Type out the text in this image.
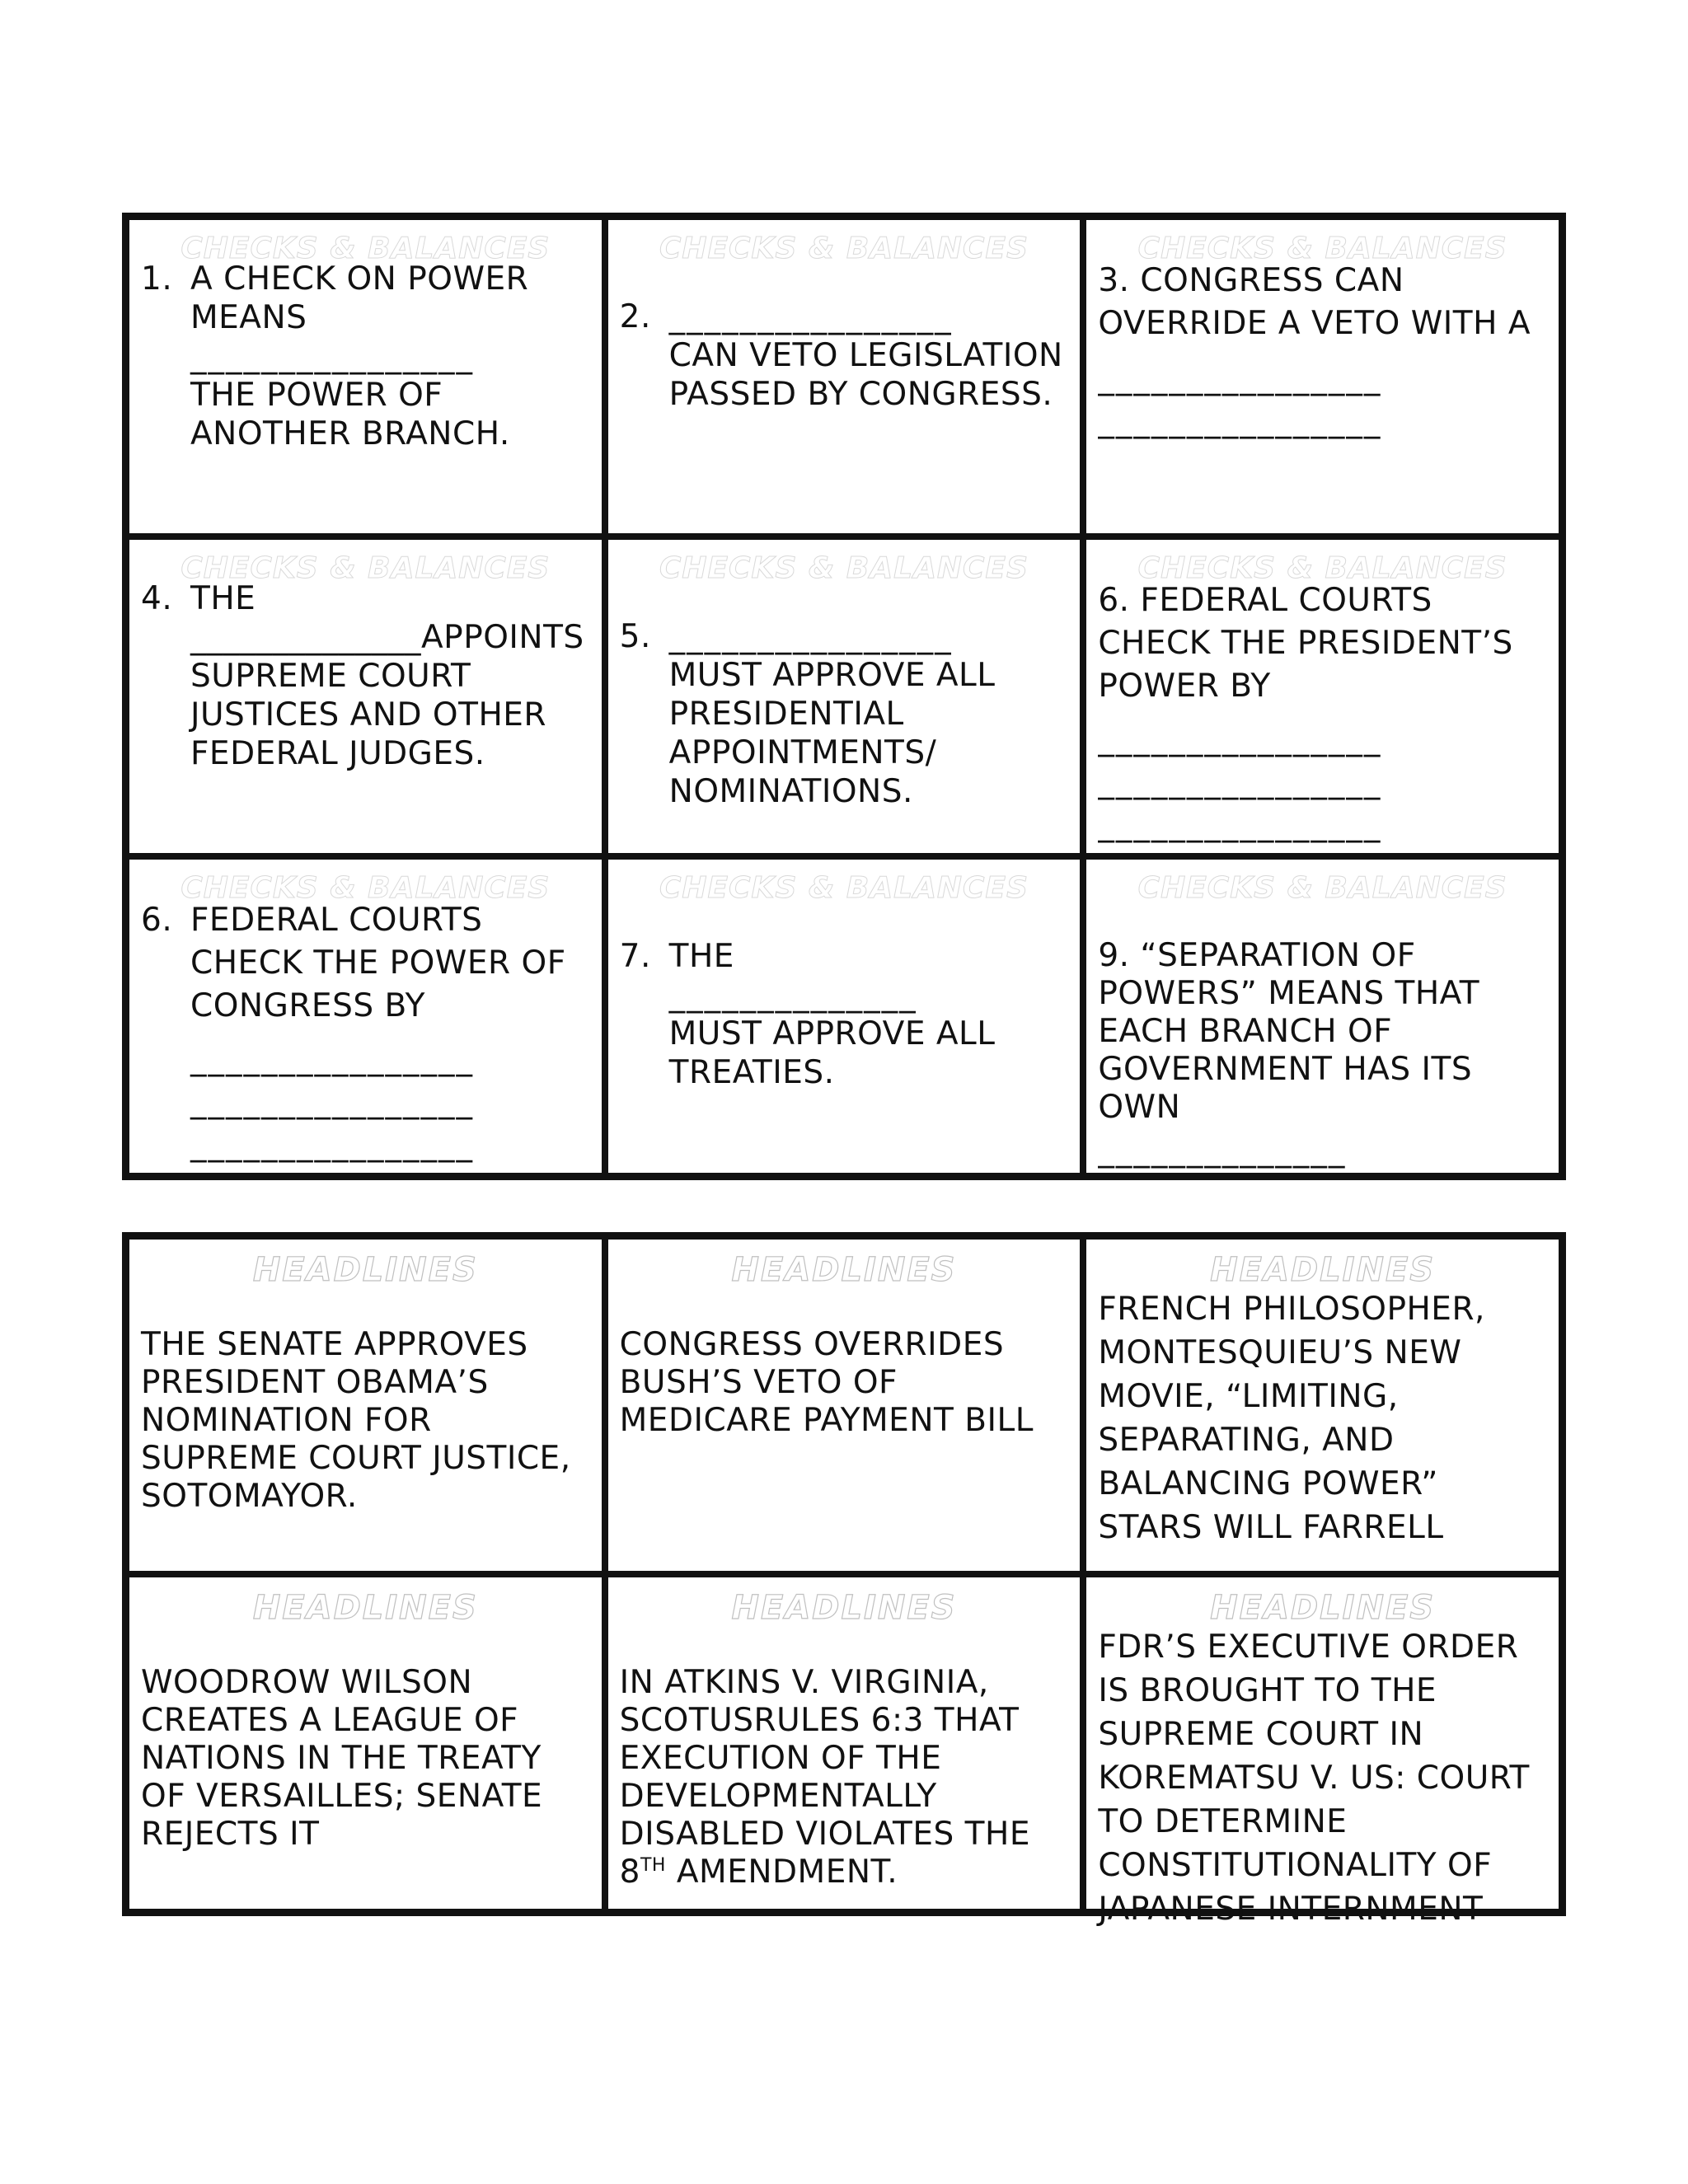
CHECKS & BALANCES
1. A CHECK ON POWER MEANS
________________
THE POWER OF ANOTHER BRANCH.
CHECKS & BALANCES
2. ________________
CAN VETO LEGISLATION PASSED BY CONGRESS.
CHECKS & BALANCES
3. CONGRESS CAN OVERRIDE A VETO WITH A
________________
________________
CHECKS & BALANCES
4. THE
______________APPOINTS SUPREME COURT JUSTICES AND OTHER FEDERAL JUDGES.
CHECKS & BALANCES
5. ________________
MUST APPROVE ALL PRESIDENTIAL APPOINTMENTS/ NOMINATIONS.
CHECKS & BALANCES
6. FEDERAL COURTS CHECK THE PRESIDENT’S POWER BY
________________
________________
________________
CHECKS & BALANCES
6. FEDERAL COURTS CHECK THE POWER OF CONGRESS BY
________________
________________
________________
CHECKS & BALANCES
7. THE
______________
MUST APPROVE ALL TREATIES.
CHECKS & BALANCES
9. “SEPARATION OF POWERS” MEANS THAT EACH BRANCH OF GOVERNMENT HAS ITS OWN
______________
HEADLINES
THE SENATE APPROVES PRESIDENT OBAMA’S NOMINATION FOR SUPREME COURT JUSTICE, SOTOMAYOR.
HEADLINES
CONGRESS OVERRIDES BUSH’S VETO OF MEDICARE PAYMENT BILL
HEADLINES
FRENCH PHILOSOPHER, MONTESQUIEU’S NEW MOVIE, “LIMITING, SEPARATING, AND BALANCING POWER” STARS WILL FARRELL
HEADLINES
WOODROW WILSON CREATES A LEAGUE OF NATIONS IN THE TREATY OF VERSAILLES; SENATE REJECTS IT
HEADLINES
IN ATKINS V. VIRGINIA, SCOTUSRULES 6:3 THAT EXECUTION OF THE DEVELOPMENTALLY DISABLED VIOLATES THE 8TH AMENDMENT.
HEADLINES
FDR’S EXECUTIVE ORDER IS BROUGHT TO THE SUPREME COURT IN KOREMATSU V. US: COURT TO DETERMINE CONSTITUTIONALITY OF JAPANESE INTERNMENT
